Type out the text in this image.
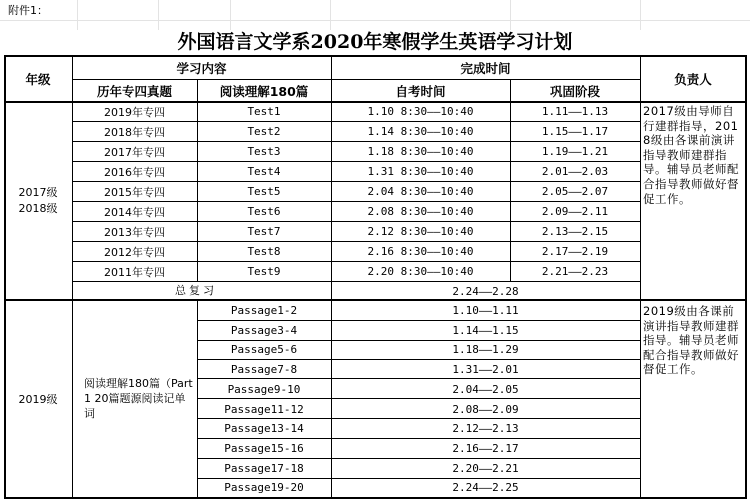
附件1：
外国语言文学系2020年寒假学生英语学习计划
年级
学习内容	完成时间
负责人
历年专四真题	阅读理解180篇	自考时间	巩固阶段
2017级
2018级
2019年专四	Test1	1.10 8:30——10:40	1.11——1.13
2018年专四	Test2	1.14 8:30——10:40	1.15——1.17
2017年专四	Test3	1.18 8:30——10:40	1.19——1.21
2016年专四	Test4	1.31 8:30——10:40	2.01——2.03
2015年专四	Test5	2.04 8:30——10:40	2.05——2.07
2014年专四	Test6	2.08 8:30——10:40	2.09——2.11
2013年专四	Test7	2.12 8:30——10:40	2.13——2.15
2012年专四	Test8	2.16 8:30——10:40	2.17——2.19
2011年专四	Test9	2.20 8:30——10:40	2.21——2.23
总复习	2.24——2.28
2017级由导师自行建群指导，2018级由各课前演讲指导教师建群指导。辅导员老师配合指导教师做好督促工作。
2019级
阅读理解180篇（Part1 20篇题源阅读记单词
Passage1-2	1.10——1.11
Passage3-4	1.14——1.15
Passage5-6	1.18——1.29
Passage7-8	1.31——2.01
Passage9-10	2.04——2.05
Passage11-12	2.08——2.09
Passage13-14	2.12——2.13
Passage15-16	2.16——2.17
Passage17-18	2.20——2.21
Passage19-20	2.24——2.25
2019级由各课前演讲指导教师建群指导。辅导员老师配合指导教师做好督促工作。
